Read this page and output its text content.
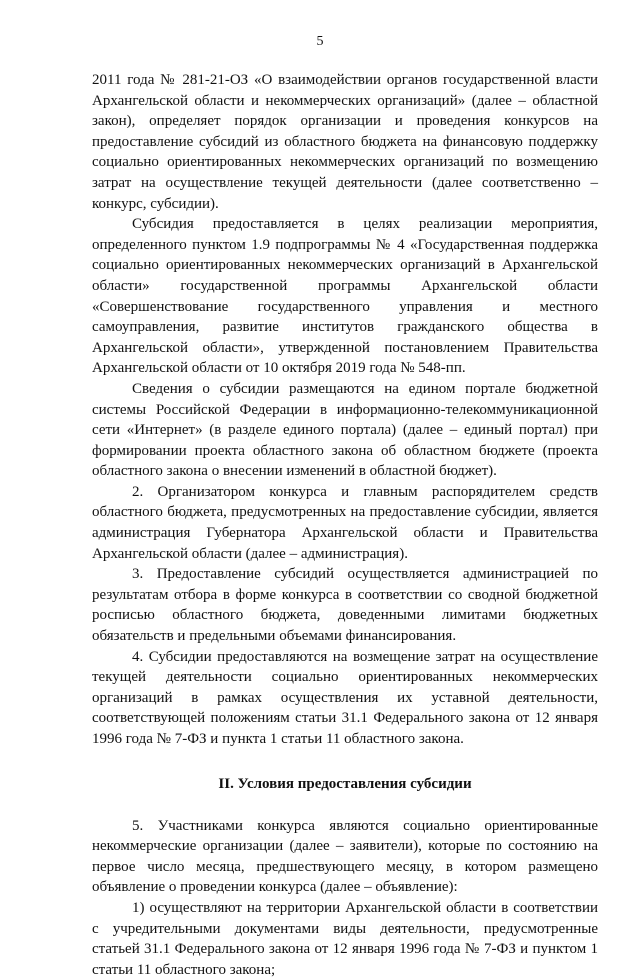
5

2011 года № 281-21-ОЗ «О взаимодействии органов государственной власти Архангельской области и некоммерческих организаций» (далее – областной закон), определяет порядок организации и проведения конкурсов на предоставление субсидий из областного бюджета на финансовую поддержку социально ориентированных некоммерческих организаций по возмещению затрат на осуществление текущей деятельности (далее соответственно – конкурс, субсидии).

Субсидия предоставляется в целях реализации мероприятия, определенного пунктом 1.9 подпрограммы № 4 «Государственная поддержка социально ориентированных некоммерческих организаций в Архангельской области» государственной программы Архангельской области «Совершенствование государственного управления и местного самоуправления, развитие институтов гражданского общества в Архангельской области», утвержденной постановлением Правительства Архангельской области от 10 октября 2019 года № 548-пп.

Сведения о субсидии размещаются на едином портале бюджетной системы Российской Федерации в информационно-телекоммуникационной сети «Интернет» (в разделе единого портала) (далее – единый портал) при формировании проекта областного закона об областном бюджете (проекта областного закона о внесении изменений в областной бюджет).

2. Организатором конкурса и главным распорядителем средств областного бюджета, предусмотренных на предоставление субсидии, является администрация Губернатора Архангельской области и Правительства Архангельской области (далее – администрация).

3. Предоставление субсидий осуществляется администрацией по результатам отбора в форме конкурса в соответствии со сводной бюджетной росписью областного бюджета, доведенными лимитами бюджетных обязательств и предельными объемами финансирования.

4. Субсидии предоставляются на возмещение затрат на осуществление текущей деятельности социально ориентированных некоммерческих организаций в рамках осуществления их уставной деятельности, соответствующей положениям статьи 31.1 Федерального закона от 12 января 1996 года № 7-ФЗ и пункта 1 статьи 11 областного закона.

II. Условия предоставления субсидии

5. Участниками конкурса являются социально ориентированные некоммерческие организации (далее – заявители), которые по состоянию на первое число месяца, предшествующего месяцу, в котором размещено объявление о проведении конкурса (далее – объявление):

1) осуществляют на территории Архангельской области в соответствии с учредительными документами виды деятельности, предусмотренные статьей 31.1 Федерального закона от 12 января 1996 года № 7-ФЗ и пунктом 1 статьи 11 областного закона;
